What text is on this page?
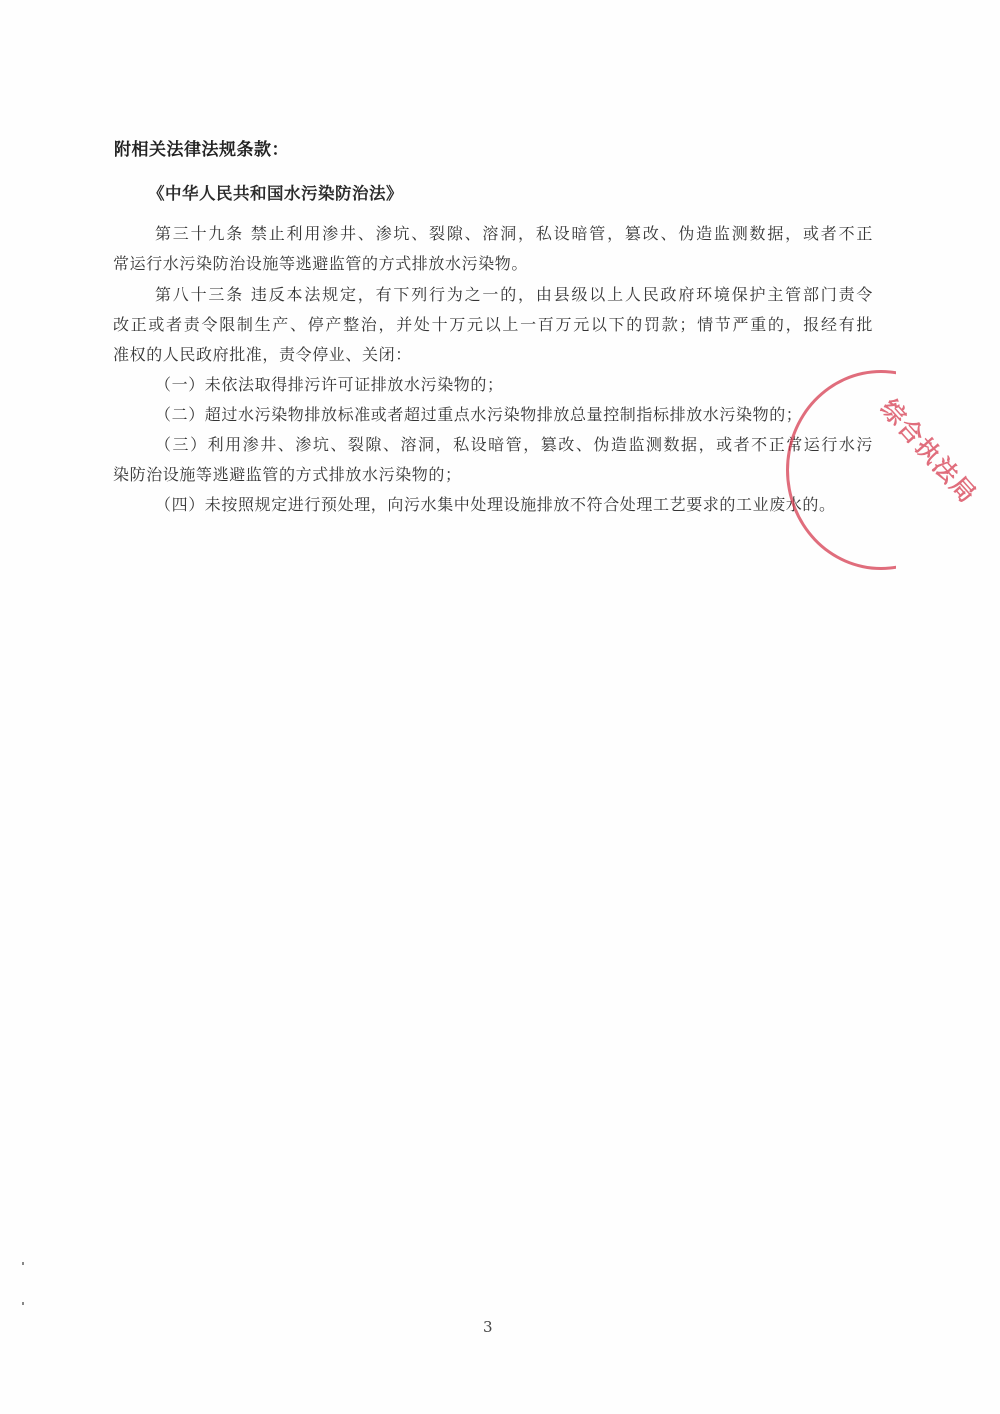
附相关法律法规条款：
《中华人民共和国水污染防治法》
第三十九条 禁止利用渗井、渗坑、裂隙、溶洞，私设暗管，篡改、伪造监测数据，或者不正
常运行水污染防治设施等逃避监管的方式排放水污染物。
第八十三条 违反本法规定，有下列行为之一的，由县级以上人民政府环境保护主管部门责令
改正或者责令限制生产、停产整治，并处十万元以上一百万元以下的罚款；情节严重的，报经有批
准权的人民政府批准，责令停业、关闭：
（一）未依法取得排污许可证排放水污染物的；
（二）超过水污染物排放标准或者超过重点水污染物排放总量控制指标排放水污染物的；
（三）利用渗井、渗坑、裂隙、溶洞，私设暗管，篡改、伪造监测数据，或者不正常运行水污
染防治设施等逃避监管的方式排放水污染物的；
（四）未按照规定进行预处理，向污水集中处理设施排放不符合处理工艺要求的工业废水的。 综合执法局
3
